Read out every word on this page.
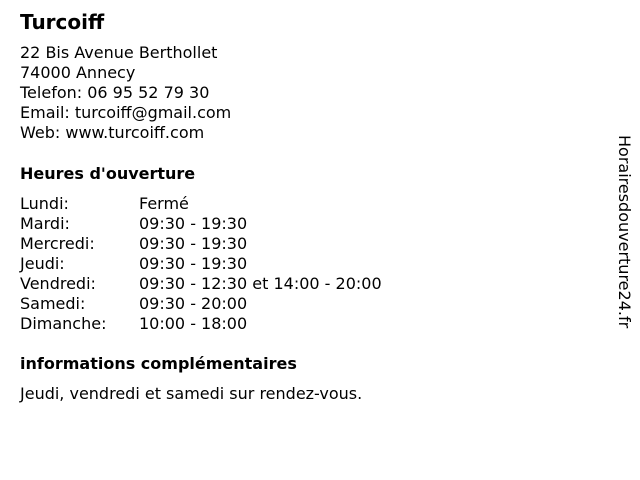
Turcoiff
22 Bis Avenue Berthollet
74000 Annecy
Telefon: 06 95 52 79 30
Email: turcoiff@gmail.com
Web: www.turcoiff.com
Heures d'ouverture
Lundi:	Fermé
Mardi:	09:30 - 19:30
Mercredi:	09:30 - 19:30
Jeudi:	09:30 - 19:30
Vendredi:	09:30 - 12:30 et 14:00 - 20:00
Samedi:	09:30 - 20:00
Dimanche: 10:00 - 18:00
informations complémentaires
Jeudi, vendredi et samedi sur rendez-vous.
Horairesdouverture24.fr
